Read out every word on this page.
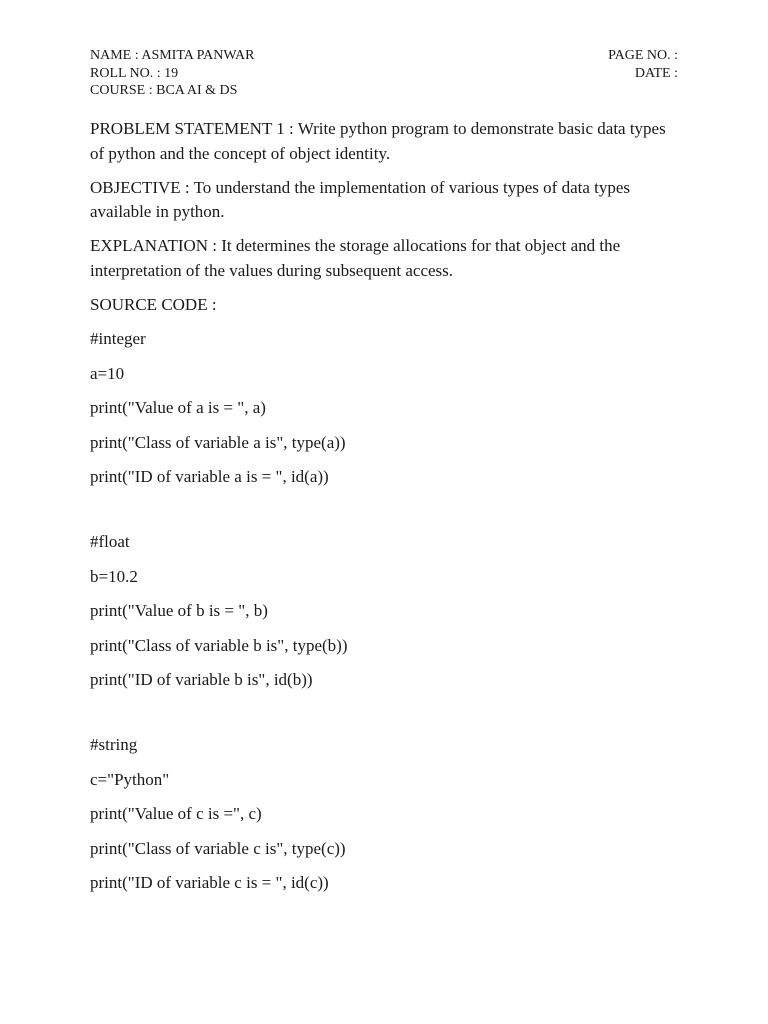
NAME : ASMITA PANWAR
ROLL NO. : 19
COURSE : BCA AI & DS
PAGE NO. :
DATE :

PROBLEM STATEMENT 1 : Write python program to demonstrate basic data types of python and the concept of object identity.

OBJECTIVE : To understand the implementation of various types of data types available in python.

EXPLANATION : It determines the storage allocations for that object and the interpretation of the values during subsequent access.

SOURCE CODE :

#integer

a=10

print("Value of a is = ", a)

print("Class of variable a is", type(a))

print("ID of variable a is = ", id(a))

#float

b=10.2

print("Value of b is = ", b)

print("Class of variable b is", type(b))

print("ID of variable b is", id(b))

#string

c="Python"

print("Value of c is =", c)

print("Class of variable c is", type(c))

print("ID of variable c is = ", id(c))
